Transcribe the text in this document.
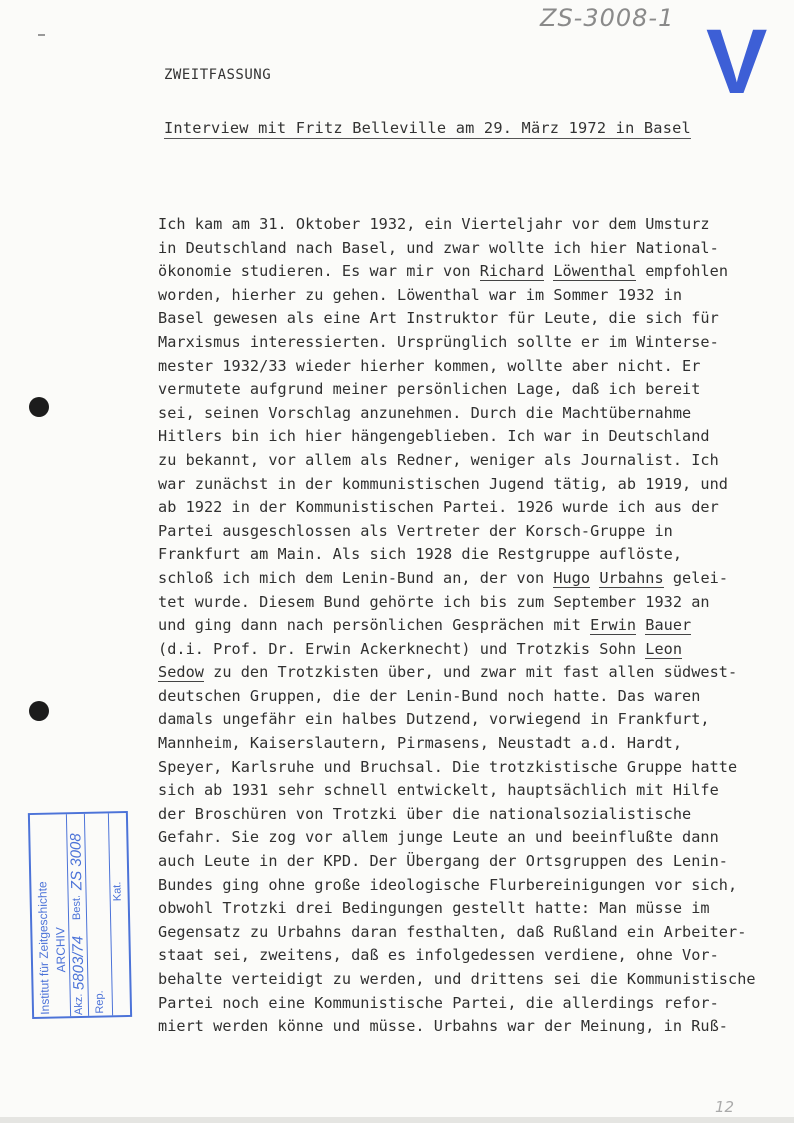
ZS-3008-1 V
ZWEITFASSUNG
Interview mit Fritz Belleville am 29. März 1972 in Basel
Ich kam am 31. Oktober 1932, ein Vierteljahr vor dem Umsturz
in Deutschland nach Basel, und zwar wollte ich hier National-
ökonomie studieren. Es war mir von Richard Löwenthal empfohlen
worden, hierher zu gehen. Löwenthal war im Sommer 1932 in
Basel gewesen als eine Art Instruktor für Leute, die sich für
Marxismus interessierten. Ursprünglich sollte er im Winterse-
mester 1932/33 wieder hierher kommen, wollte aber nicht. Er
vermutete aufgrund meiner persönlichen Lage, daß ich bereit
sei, seinen Vorschlag anzunehmen. Durch die Machtübernahme
Hitlers bin ich hier hängengeblieben. Ich war in Deutschland
zu bekannt, vor allem als Redner, weniger als Journalist. Ich
war zunächst in der kommunistischen Jugend tätig, ab 1919, und
ab 1922 in der Kommunistischen Partei. 1926 wurde ich aus der
Partei ausgeschlossen als Vertreter der Korsch-Gruppe in
Frankfurt am Main. Als sich 1928 die Restgruppe auflöste,
schloß ich mich dem Lenin-Bund an, der von Hugo Urbahns gelei-
tet wurde. Diesem Bund gehörte ich bis zum September 1932 an
und ging dann nach persönlichen Gesprächen mit Erwin Bauer
(d.i. Prof. Dr. Erwin Ackerknecht) und Trotzkis Sohn Leon
Sedow zu den Trotzkisten über, und zwar mit fast allen südwest-
deutschen Gruppen, die der Lenin-Bund noch hatte. Das waren
damals ungefähr ein halbes Dutzend, vorwiegend in Frankfurt,
Mannheim, Kaiserslautern, Pirmasens, Neustadt a.d. Hardt,
Speyer, Karlsruhe und Bruchsal. Die trotzkistische Gruppe hatte
sich ab 1931 sehr schnell entwickelt, hauptsächlich mit Hilfe
der Broschüren von Trotzki über die nationalsozialistische
Gefahr. Sie zog vor allem junge Leute an und beeinflußte dann
auch Leute in der KPD. Der Übergang der Ortsgruppen des Lenin-
Bundes ging ohne große ideologische Flurbereinigungen vor sich,
obwohl Trotzki drei Bedingungen gestellt hatte: Man müsse im
Gegensatz zu Urbahns daran festhalten, daß Rußland ein Arbeiter-
staat sei, zweitens, daß es infolgedessen verdiene, ohne Vor-
behalte verteidigt zu werden, und drittens sei die Kommunistische
Partei noch eine Kommunistische Partei, die allerdings refor-
miert werden könne und müsse. Urbahns war der Meinung, in Ruß-
Institut für Zeitgeschichte ARCHIV
Akz.
5803/74
Best.
ZS 3008
Rep.
Kat.
12
